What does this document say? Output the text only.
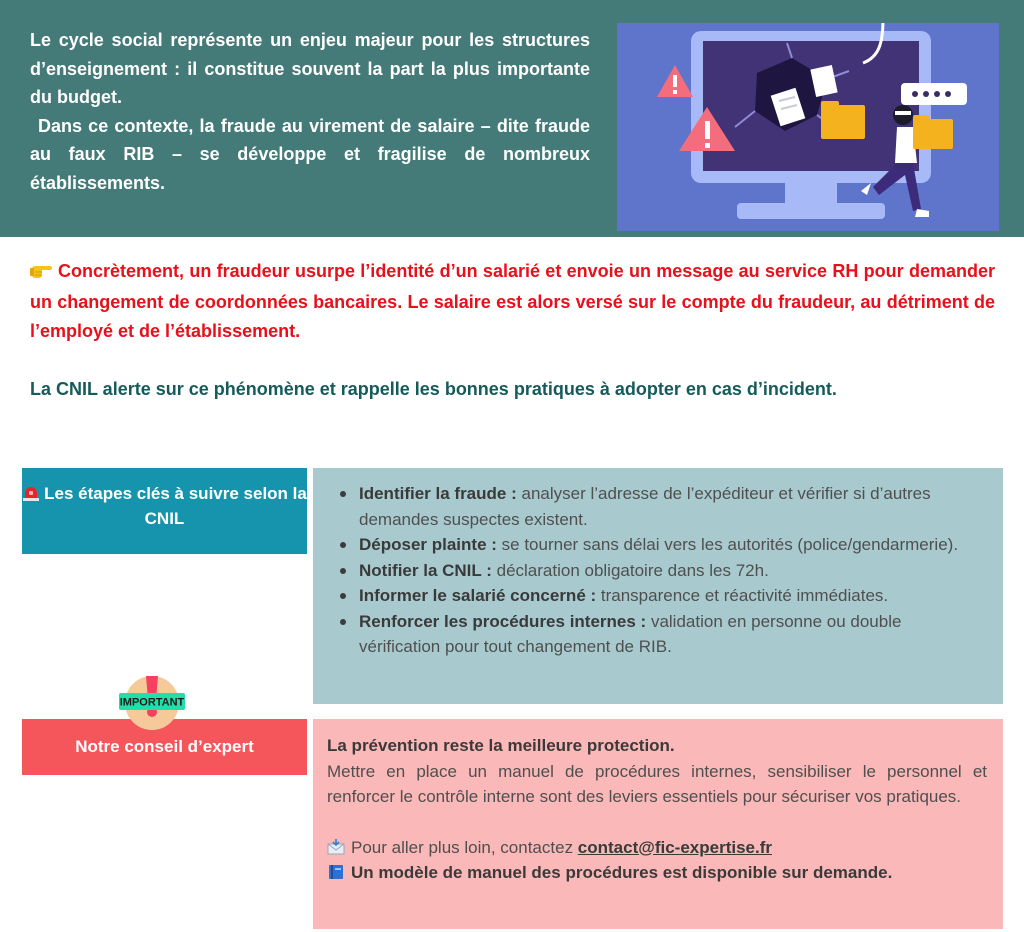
Le cycle social représente un enjeu majeur pour les structures d’enseignement : il constitue souvent la part la plus importante du budget.

Dans ce contexte, la fraude au virement de salaire – dite fraude au faux RIB – se développe et fragilise de nombreux établissements.

Concrètement, un fraudeur usurpe l’identité d’un salarié et envoie un message au service RH pour demander un changement de coordonnées bancaires. Le salaire est alors versé sur le compte du fraudeur, au détriment de l’employé et de l’établissement.

La CNIL alerte sur ce phénomène et rappelle les bonnes pratiques à adopter en cas d’incident.

Les étapes clés à suivre selon la CNIL
Identifier la fraude : analyser l’adresse de l’expéditeur et vérifier si d’autres demandes suspectes existent.
Déposer plainte : se tourner sans délai vers les autorités (police/gendarmerie).
Notifier la CNIL : déclaration obligatoire dans les 72h.
Informer le salarié concerné : transparence et réactivité immédiates.
Renforcer les procédures internes : validation en personne ou double vérification pour tout changement de RIB.
Notre conseil d’expert
IMPORTANT

La prévention reste la meilleure protection.

Mettre en place un manuel de procédures internes, sensibiliser le personnel et renforcer le contrôle interne sont des leviers essentiels pour sécuriser vos pratiques.

Pour aller plus loin, contactez contact@fic-expertise.fr

Un modèle de manuel des procédures est disponible sur demande.
